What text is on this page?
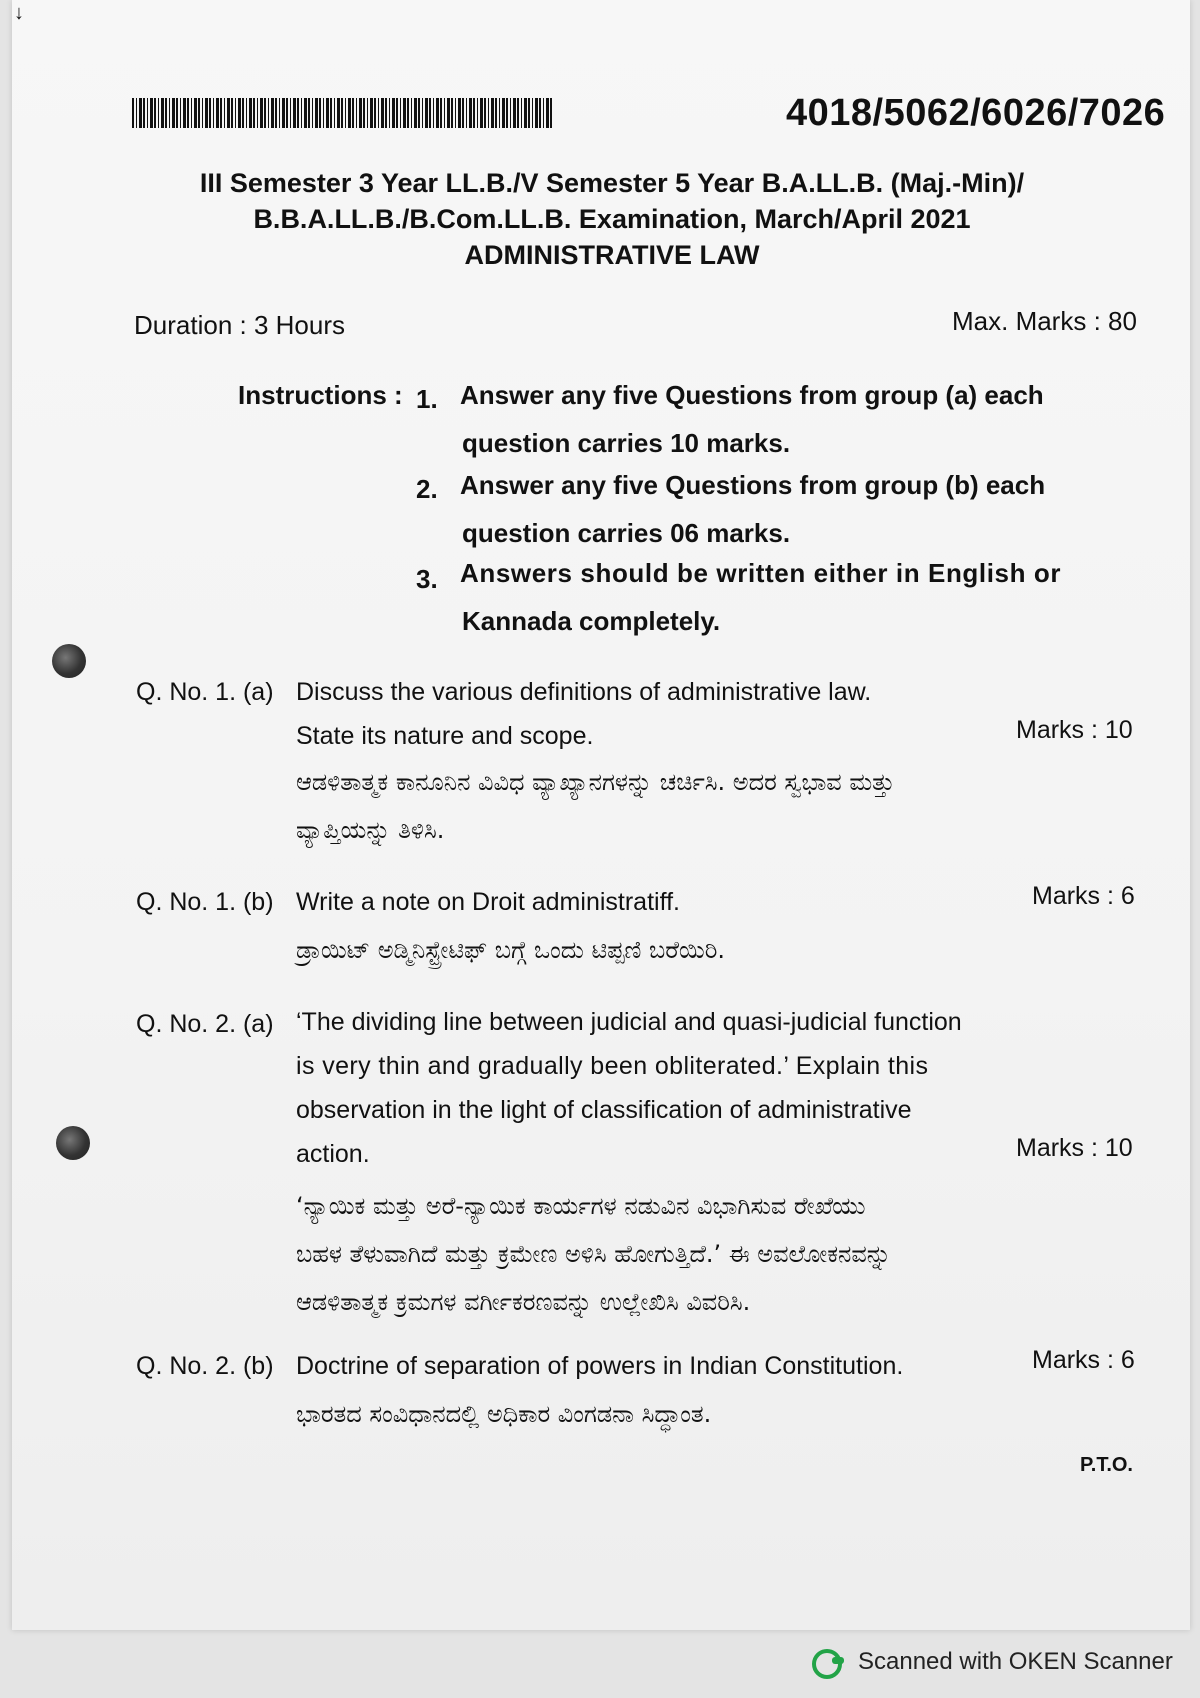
↓
4018/5062/6026/7026
III Semester 3 Year LL.B./V Semester 5 Year B.A.LL.B. (Maj.-Min)/
B.B.A.LL.B./B.Com.LL.B. Examination, March/April 2021
ADMINISTRATIVE LAW
Duration : 3 Hours	Max. Marks : 80
Instructions : 1. Answer any five Questions from group (a) each
question carries 10 marks.
2. Answer any five Questions from group (b) each
question carries 06 marks.
3. Answers should be written either in English or
Kannada completely.
Q. No. 1. (a) Discuss the various definitions of administrative law.
State its nature and scope.	Marks : 10
ಆಡಳಿತಾತ್ಮಕ ಕಾನೂನಿನ ವಿವಿಧ ವ್ಯಾಖ್ಯಾನಗಳನ್ನು ಚರ್ಚಿಸಿ. ಅದರ ಸ್ವಭಾವ ಮತ್ತು
ವ್ಯಾಪ್ತಿಯನ್ನು ತಿಳಿಸಿ.
Q. No. 1. (b) Write a note on Droit administratiff.	Marks : 6
ಡ್ರಾಯಿಟ್ ಅಡ್ಮಿನಿಸ್ಟ್ರೇಟಿಫ್ ಬಗ್ಗೆ ಒಂದು ಟಿಪ್ಪಣಿ ಬರೆಯಿರಿ.
Q. No. 2. (a) ‘The dividing line between judicial and quasi-judicial function
is very thin and gradually been obliterated.’ Explain this
observation in the light of classification of administrative
action.	Marks : 10
‘ನ್ಯಾಯಿಕ ಮತ್ತು ಅರೆ-ನ್ಯಾಯಿಕ ಕಾರ್ಯಗಳ ನಡುವಿನ ವಿಭಾಗಿಸುವ ರೇಖೆಯು
ಬಹಳ ತೆಳುವಾಗಿದೆ ಮತ್ತು ಕ್ರಮೇಣ ಅಳಿಸಿ ಹೋಗುತ್ತಿದೆ.’ ಈ ಅವಲೋಕನವನ್ನು
ಆಡಳಿತಾತ್ಮಕ ಕ್ರಮಗಳ ವರ್ಗೀಕರಣವನ್ನು ಉಲ್ಲೇಖಿಸಿ ವಿವರಿಸಿ.
Q. No. 2. (b) Doctrine of separation of powers in Indian Constitution.	Marks : 6
ಭಾರತದ ಸಂವಿಧಾನದಲ್ಲಿ ಅಧಿಕಾರ ವಿಂಗಡನಾ ಸಿದ್ಧಾಂತ.
P.T.O.
Scanned with OKEN Scanner
